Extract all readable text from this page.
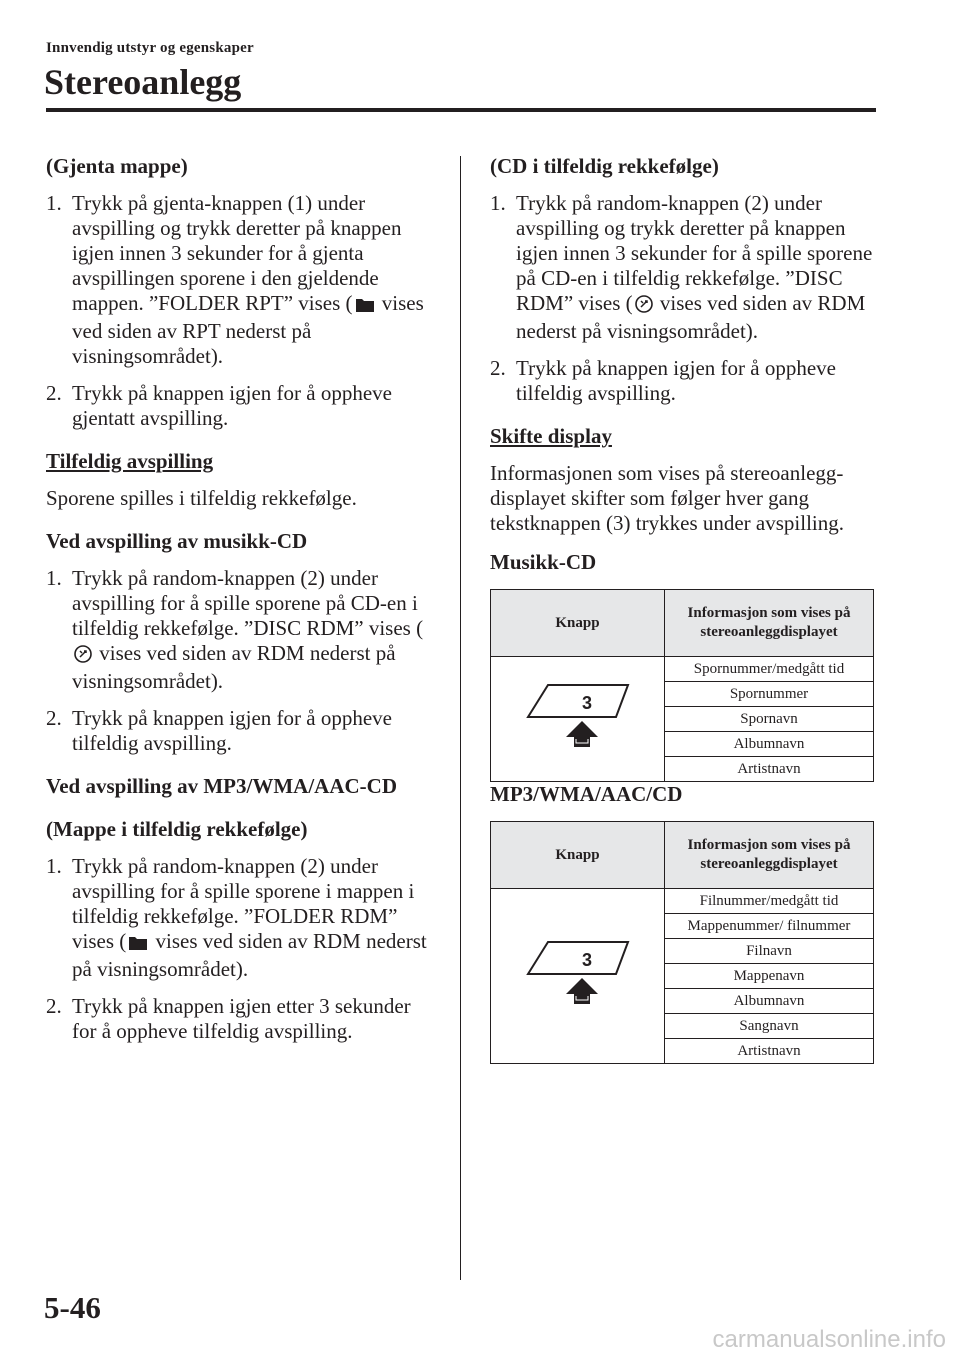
Innvendig utstyr og egenskaper
Stereoanlegg

(Gjenta mappe)

1. Trykk på gjenta-knappen (1) under avspilling og trykk deretter på knappen igjen innen 3 sekunder for å gjenta avspillingen sporene i den gjeldende mappen. ”FOLDER RPT” vises ( vises ved siden av RPT nederst på visningsområdet).
2. Trykk på knappen igjen for å oppheve gjentatt avspilling.

Tilfeldig avspilling

Sporene spilles i tilfeldig rekkefølge.

Ved avspilling av musikk-CD

1. Trykk på random-knappen (2) under avspilling for å spille sporene på CD-en i tilfeldig rekkefølge. ”DISC RDM” vises ( vises ved siden av RDM nederst på visningsområdet).
2. Trykk på knappen igjen for å oppheve tilfeldig avspilling.

Ved avspilling av MP3/WMA/AAC-CD

(Mappe i tilfeldig rekkefølge)

1. Trykk på random-knappen (2) under avspilling for å spille sporene i mappen i tilfeldig rekkefølge. ”FOLDER RDM” vises ( vises ved siden av RDM nederst på visningsområdet).
2. Trykk på knappen igjen etter 3 sekunder for å oppheve tilfeldig avspilling.

(CD i tilfeldig rekkefølge)

1. Trykk på random-knappen (2) under avspilling og trykk deretter på knappen igjen innen 3 sekunder for å spille sporene på CD-en i tilfeldig rekkefølge. ”DISC RDM” vises ( vises ved siden av RDM nederst på visningsområdet).
2. Trykk på knappen igjen for å oppheve tilfeldig avspilling.

Skifte display

Informasjonen som vises på stereoanlegg-displayet skifter som følger hver gang tekstknappen (3) trykkes under avspilling.

Musikk-CD

Knapp	Informasjon som vises på stereoanleggdisplayet

3	Spornummer/medgått tid
	Spornummer
	Spornavn
	Albumnavn
	Artistnavn

MP3/WMA/AAC/CD

Knapp	Informasjon som vises på stereoanleggdisplayet

3	Filnummer/medgått tid
	Mappenummer/ filnummer
	Filnavn
	Mappenavn
	Albumnavn
	Sangnavn
	Artistnavn
5-46
carmanualsonline.info
